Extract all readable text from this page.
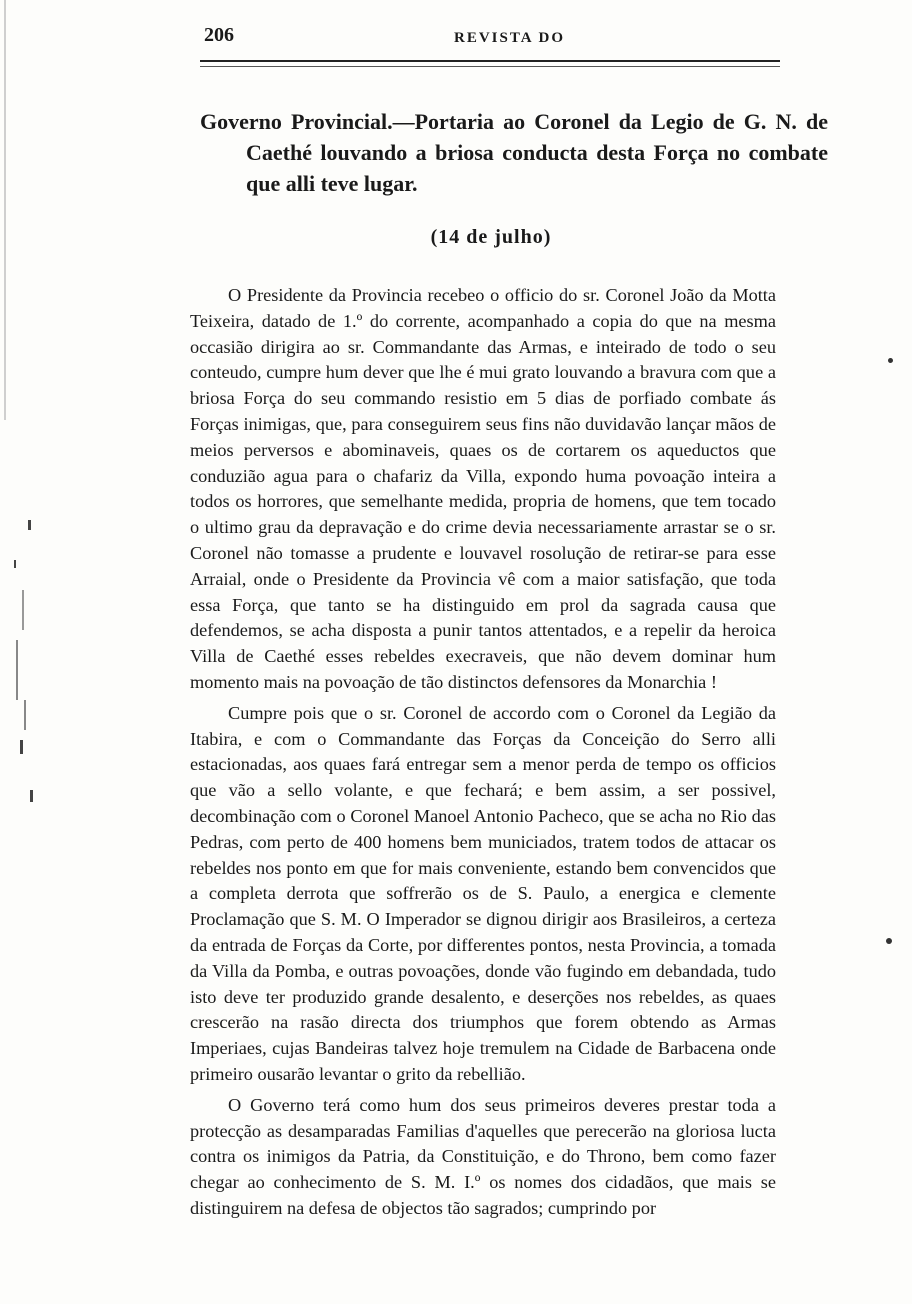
206	REVISTA DO
Governo Provincial.—Portaria ao Coronel da Legio de G. N. de Caethé louvando a briosa conducta desta Força no combate que alli teve lugar.
(14 de julho)

O Presidente da Provincia recebeo o officio do sr. Coronel João da Motta Teixeira, datado de 1.º do corrente, acompanhado a copia do que na mesma occasião dirigira ao sr. Commandante das Armas, e inteirado de todo o seu conteudo, cumpre hum dever que lhe é mui grato louvando a bravura com que a briosa Força do seu commando resistio em 5 dias de porfiado combate ás Forças inimigas, que, para conseguirem seus fins não duvidavão lançar mãos de meios perversos e abominaveis, quaes os de cortarem os aqueductos que conduzião agua para o chafariz da Villa, expondo huma povoação inteira a todos os horrores, que semelhante medida, propria de homens, que tem tocado o ultimo grau da depravação e do crime devia necessariamente arrastar se o sr. Coronel não tomasse a prudente e louvavel rosolução de retirar-se para esse Arraial, onde o Presidente da Provincia vê com a maior satisfação, que toda essa Força, que tanto se ha distinguido em prol da sagrada causa que defendemos, se acha disposta a punir tantos attentados, e a repelir da heroica Villa de Caethé esses rebeldes execraveis, que não devem dominar hum momento mais na povoação de tão distinctos defensores da Monarchia !

Cumpre pois que o sr. Coronel de accordo com o Coronel da Legião da Itabira, e com o Commandante das Forças da Conceição do Serro alli estacionadas, aos quaes fará entregar sem a menor perda de tempo os officios que vão a sello volante, e que fechará; e bem assim, a ser possivel, decombinação com o Coronel Manoel Antonio Pacheco, que se acha no Rio das Pedras, com perto de 400 homens bem municiados, tratem todos de attacar os rebeldes nos ponto em que for mais conveniente, estando bem convencidos que a completa derrota que soffrerão os de S. Paulo, a energica e clemente Proclamação que S. M. O Imperador se dignou dirigir aos Brasileiros, a certeza da entrada de Forças da Corte, por differentes pontos, nesta Provincia, a tomada da Villa da Pomba, e outras povoações, donde vão fugindo em debandada, tudo isto deve ter produzido grande desalento, e deserções nos rebeldes, as quaes crescerão na rasão directa dos triumphos que forem obtendo as Armas Imperiaes, cujas Bandeiras talvez hoje tremulem na Cidade de Barbacena onde primeiro ousarão levantar o grito da rebellião.

O Governo terá como hum dos seus primeiros deveres prestar toda a protecção as desamparadas Familias d'aquelles que perecerão na gloriosa lucta contra os inimigos da Patria, da Constituição, e do Throno, bem como fazer chegar ao conhecimento de S. M. I.º os nomes dos cidadãos, que mais se distinguirem na defesa de objectos tão sagrados; cumprindo por
